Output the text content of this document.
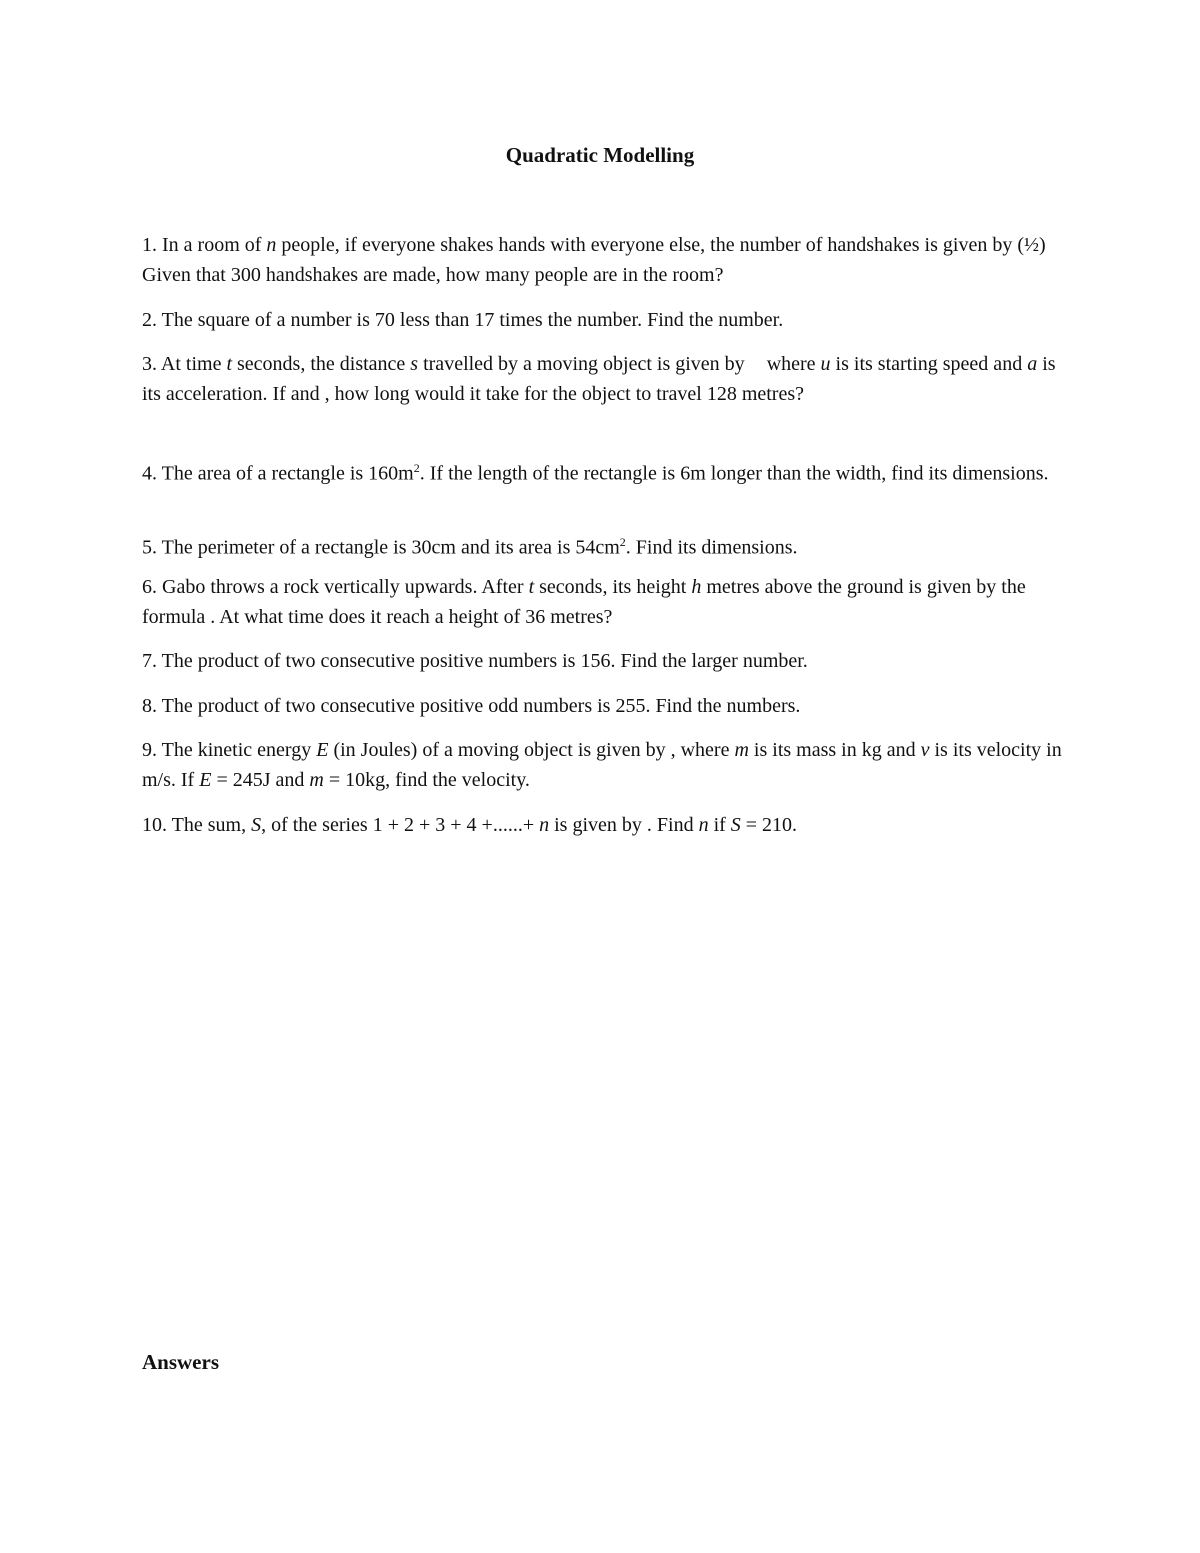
Quadratic Modelling
1. In a room of n people, if everyone shakes hands with everyone else, the number of handshakes is given by (½) Given that 300 handshakes are made, how many people are in the room?
2. The square of a number is 70 less than 17 times the number. Find the number.
3. At time t seconds, the distance s travelled by a moving object is given by where u is its starting speed and a is its acceleration. If and , how long would it take for the object to travel 128 metres?
4. The area of a rectangle is $160m^2$. If the length of the rectangle is 6m longer than the width, find its dimensions.
5. The perimeter of a rectangle is 30cm and its area is $54cm^2$. Find its dimensions.
6. Gabo throws a rock vertically upwards. After t seconds, its height h metres above the ground is given by the formula . At what time does it reach a height of 36 metres?
7. The product of two consecutive positive numbers is 156. Find the larger number.
8. The product of two consecutive positive odd numbers is 255. Find the numbers.
9. The kinetic energy E (in Joules) of a moving object is given by , where m is its mass in kg and v is its velocity in m/s. If E = 245J and m = 10kg, find the velocity.
10. The sum, S, of the series 1 + 2 + 3 + 4 +......+ n is given by . Find n if S = 210.
Answers
